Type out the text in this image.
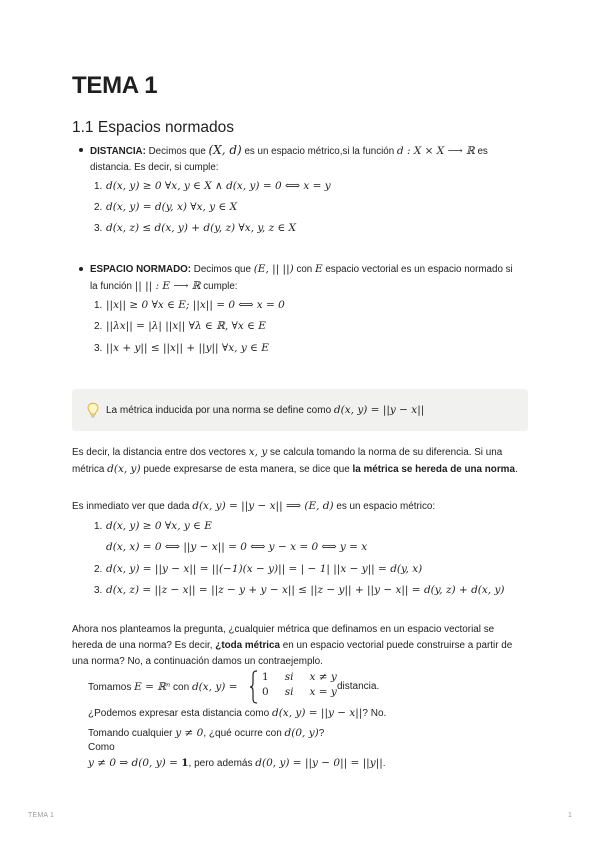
TEMA 1
1.1 Espacios normados
DISTANCIA: Decimos que (X, d) es un espacio métrico,si la función d : X × X ⟶ ℝ es
distancia. Es decir, si cumple:
1. d(x, y) ≥ 0 ∀x, y ∈ X ∧ d(x, y) = 0 ⟺ x = y
2. d(x, y) = d(y, x) ∀x, y ∈ X
3. d(x, z) ≤ d(x, y) + d(y, z) ∀x, y, z ∈ X
ESPACIO NORMADO: Decimos que (E, || ||) con E espacio vectorial es un espacio normado si
la función || || : E ⟶ ℝ cumple:
1. ||x|| ≥ 0 ∀x ∈ E; ||x|| = 0 ⟺ x = 0
2. ||λx|| = |λ| ||x|| ∀λ ∈ ℝ, ∀x ∈ E
3. ||x + y|| ≤ ||x|| + ||y|| ∀x, y ∈ E
La métrica inducida por una norma se define como d(x, y) = ||y − x||
Es decir, la distancia entre dos vectores x, y se calcula tomando la norma de su diferencia. Si una
métrica d(x, y) puede expresarse de esta manera, se dice que la métrica se hereda de una norma.
Es inmediato ver que dada d(x, y) = ||y − x|| ⟹ (E, d) es un espacio métrico:
1. d(x, y) ≥ 0 ∀x, y ∈ E
d(x, x) = 0 ⟺ ||y − x|| = 0 ⟺ y − x = 0 ⟺ y = x
2. d(x, y) = ||y − x|| = ||(−1)(x − y)|| = | − 1| ||x − y|| = d(y, x)
3. d(x, z) = ||z − x|| = ||z − y + y − x|| ≤ ||z − y|| + ||y − x|| = d(y, z) + d(x, y)
Ahora nos planteamos la pregunta, ¿cualquier métrica que definamos en un espacio vectorial se
hereda de una norma? Es decir, ¿toda métrica en un espacio vectorial puede construirse a partir de
una norma? No, a continuación damos un contraejemplo.
Tomamos E = ℝⁿ con d(x, y) =
1 si x ≠ y
0 si x = y distancia.
¿Podemos expresar esta distancia como d(x, y) = ||y − x||? No.
Tomando cualquier y ≠ 0, ¿qué ocurre con d(0, y)?
Como
y ≠ 0 ⇒ d(0, y) = 1, pero además d(0, y) = ||y − 0|| = ||y||.
TEMA 1	1
